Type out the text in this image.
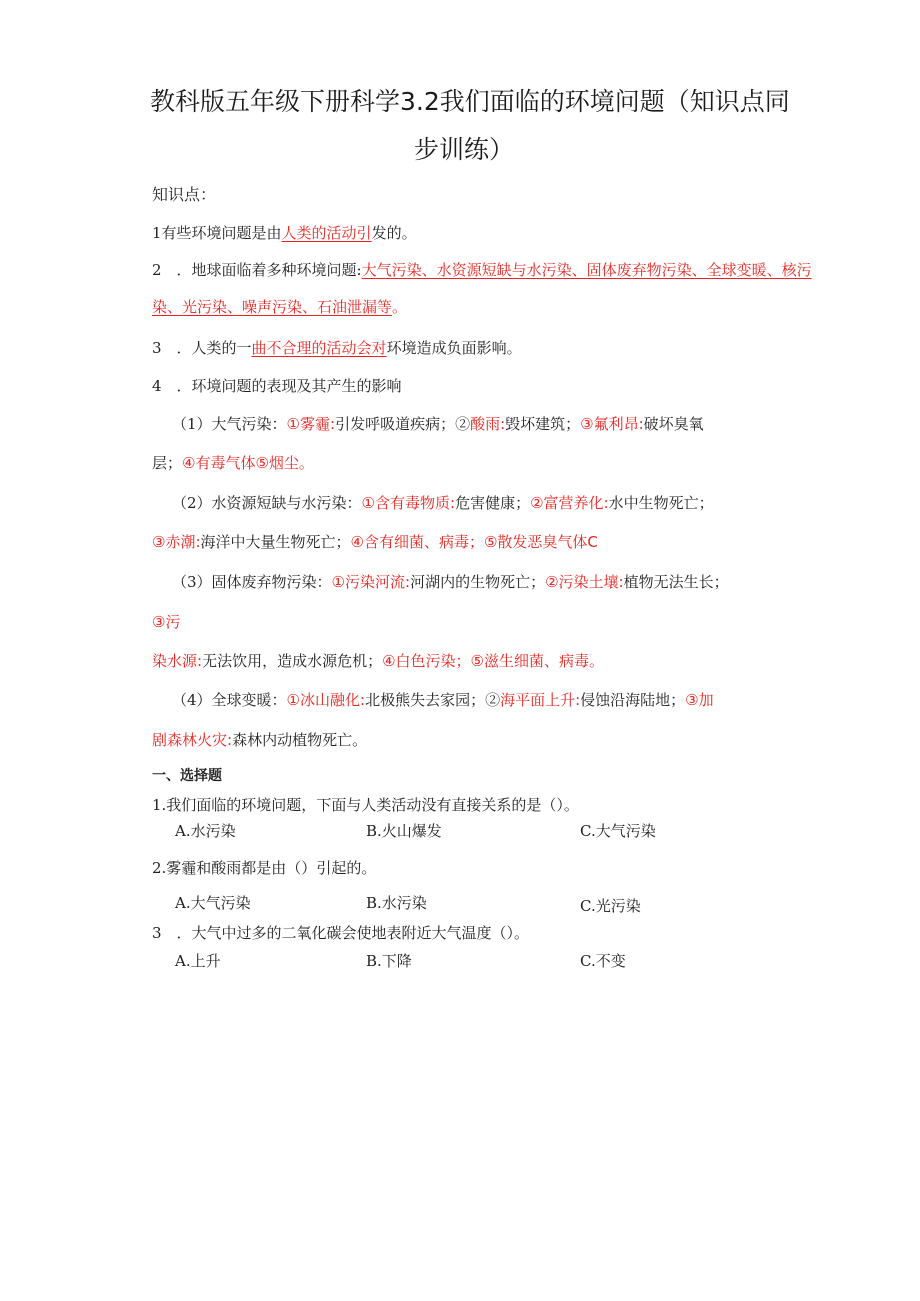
教科版五年级下册科学3.2我们面临的环境问题（知识点同
步训练）
知识点：
1有些环境问题是由人类的活动引发的。
2　．地球面临着多种环境问题:大气污染、水资源短缺与水污染、固体废弃物污染、全球变暖、核污
染、光污染、噪声污染、石油泄漏等。
3　．人类的一曲不合理的活动会对环境造成负面影响。
4　．环境问题的表现及其产生的影响
（1）大气污染：①雾霾:引发呼吸道疾病；②酸雨:毁坏建筑；③氟利昂:破坏臭氧
层；④有毒气体⑤烟尘。
（2）水资源短缺与水污染：①含有毒物质:危害健康；②富营养化:水中生物死亡；
③赤潮:海洋中大量生物死亡；④含有细菌、病毒；⑤散发恶臭气体C
（3）固体废弃物污染：①污染河流:河湖内的生物死亡；②污染土壤:植物无法生长；
③污
染水源:无法饮用，造成水源危机；④白色污染；⑤滋生细菌、病毒。
（4）全球变暖：①冰山融化:北极熊失去家园；②海平面上升:侵蚀沿海陆地；③加
剧森林火灾:森林内动植物死亡。
一、选择题
1.我们面临的环境问题，下面与人类活动没有直接关系的是（）。
A.水污染	B.火山爆发	C.大气污染
2.雾霾和酸雨都是由（）引起的。
A.大气污染	B.水污染	C.光污染
3　．大气中过多的二氧化碳会使地表附近大气温度（）。
A.上升	B.下降	C.不变
